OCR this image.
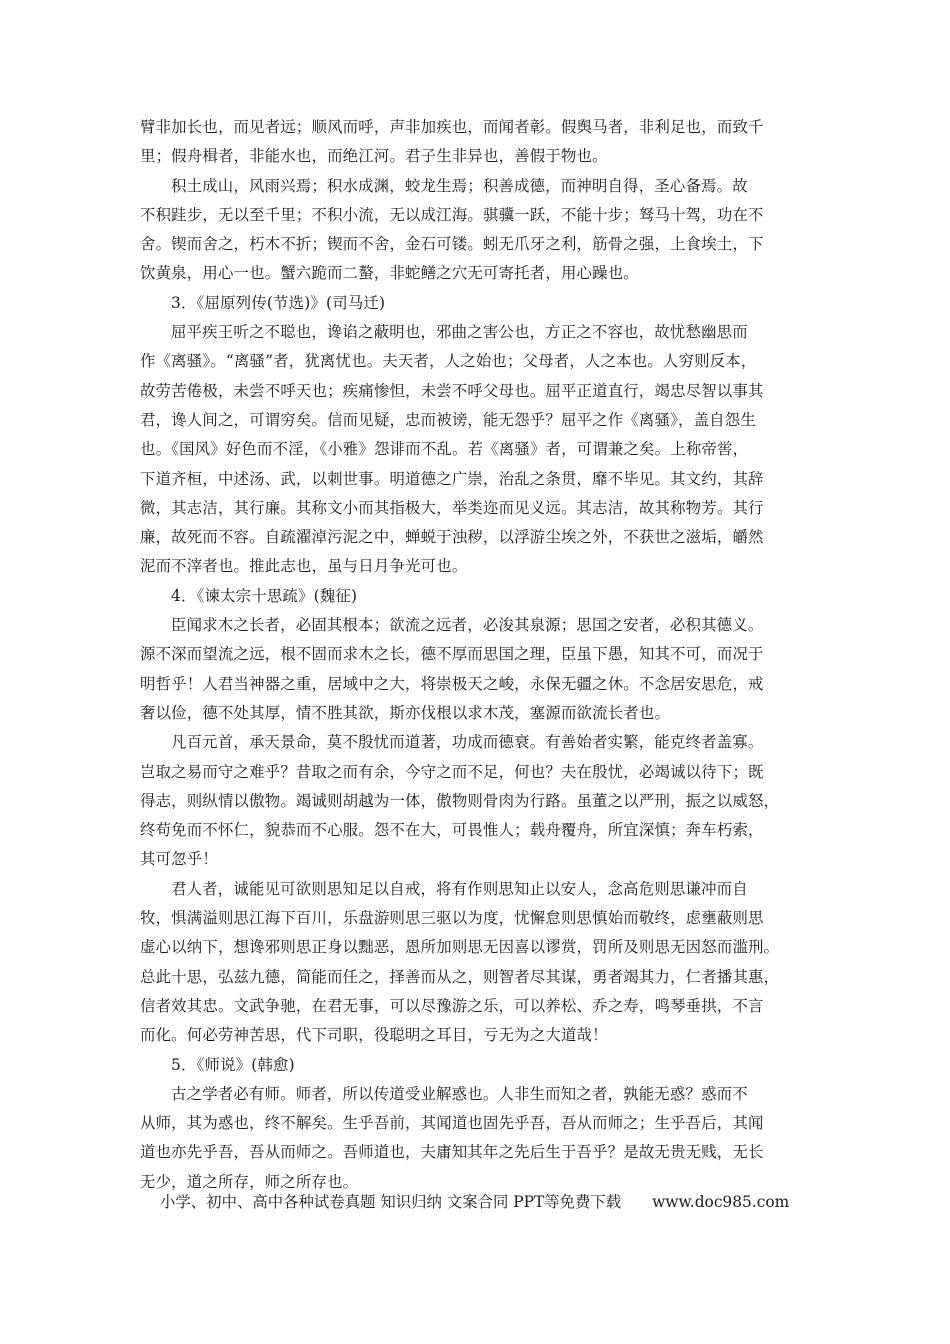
臂非加长也，而见者远；顺风而呼，声非加疾也，而闻者彰。假舆马者，非利足也，而致千
里；假舟楫者，非能水也，而绝江河。君子生非异也，善假于物也。
积土成山，风雨兴焉；积水成渊，蛟龙生焉；积善成德，而神明自得，圣心备焉。故
不积跬步，无以至千里；不积小流，无以成江海。骐骥一跃，不能十步；驽马十驾，功在不
舍。锲而舍之，朽木不折；锲而不舍，金石可镂。蚓无爪牙之利，筋骨之强，上食埃土，下
饮黄泉，用心一也。蟹六跪而二螯，非蛇鳝之穴无可寄托者，用心躁也。
3．《屈原列传(节选)》(司马迁)
屈平疾王听之不聪也，谗谄之蔽明也，邪曲之害公也，方正之不容也，故忧愁幽思而
作《离骚》。“离骚”者，犹离忧也。夫天者，人之始也；父母者，人之本也。人穷则反本，
故劳苦倦极，未尝不呼天也；疾痛惨怛，未尝不呼父母也。屈平正道直行，竭忠尽智以事其
君，谗人间之，可谓穷矣。信而见疑，忠而被谤，能无怨乎？屈平之作《离骚》，盖自怨生
也。《国风》好色而不淫，《小雅》怨诽而不乱。若《离骚》者，可谓兼之矣。上称帝喾，
下道齐桓，中述汤、武，以刺世事。明道德之广崇，治乱之条贯，靡不毕见。其文约，其辞
微，其志洁，其行廉。其称文小而其指极大，举类迩而见义远。其志洁，故其称物芳。其行
廉，故死而不容。自疏濯淖污泥之中，蝉蜕于浊秽，以浮游尘埃之外，不获世之滋垢，皭然
泥而不滓者也。推此志也，虽与日月争光可也。
4．《谏太宗十思疏》(魏征)
臣闻求木之长者，必固其根本；欲流之远者，必浚其泉源；思国之安者，必积其德义。
源不深而望流之远，根不固而求木之长，德不厚而思国之理，臣虽下愚，知其不可，而况于
明哲乎！人君当神器之重，居域中之大，将崇极天之峻，永保无疆之休。不念居安思危，戒
奢以俭，德不处其厚，情不胜其欲，斯亦伐根以求木茂，塞源而欲流长者也。
凡百元首，承天景命，莫不殷忧而道著，功成而德衰。有善始者实繁，能克终者盖寡。
岂取之易而守之难乎？昔取之而有余，今守之而不足，何也？夫在殷忧，必竭诚以待下；既
得志，则纵情以傲物。竭诚则胡越为一体，傲物则骨肉为行路。虽董之以严刑，振之以威怒，
终苟免而不怀仁，貌恭而不心服。怨不在大，可畏惟人；载舟覆舟，所宜深慎；奔车朽索，
其可忽乎！
君人者，诚能见可欲则思知足以自戒，将有作则思知止以安人，念高危则思谦冲而自
牧，惧满溢则思江海下百川，乐盘游则思三驱以为度，忧懈怠则思慎始而敬终，虑壅蔽则思
虚心以纳下，想谗邪则思正身以黜恶，恩所加则思无因喜以谬赏，罚所及则思无因怒而滥刑。
总此十思，弘兹九德，简能而任之，择善而从之，则智者尽其谋，勇者竭其力，仁者播其惠，
信者效其忠。文武争驰，在君无事，可以尽豫游之乐，可以养松、乔之寿，鸣琴垂拱，不言
而化。何必劳神苦思，代下司职，役聪明之耳目，亏无为之大道哉！
5．《师说》(韩愈)
古之学者必有师。师者，所以传道受业解惑也。人非生而知之者，孰能无惑？惑而不
从师，其为惑也，终不解矣。生乎吾前，其闻道也固先乎吾，吾从而师之；生乎吾后，其闻
道也亦先乎吾，吾从而师之。吾师道也，夫庸知其年之先后生于吾乎？是故无贵无贱，无长
无少，道之所存，师之所存也。
小学、初中、高中各种试卷真题 知识归纳 文案合同 PPT等免费下载 www.doc985.com
